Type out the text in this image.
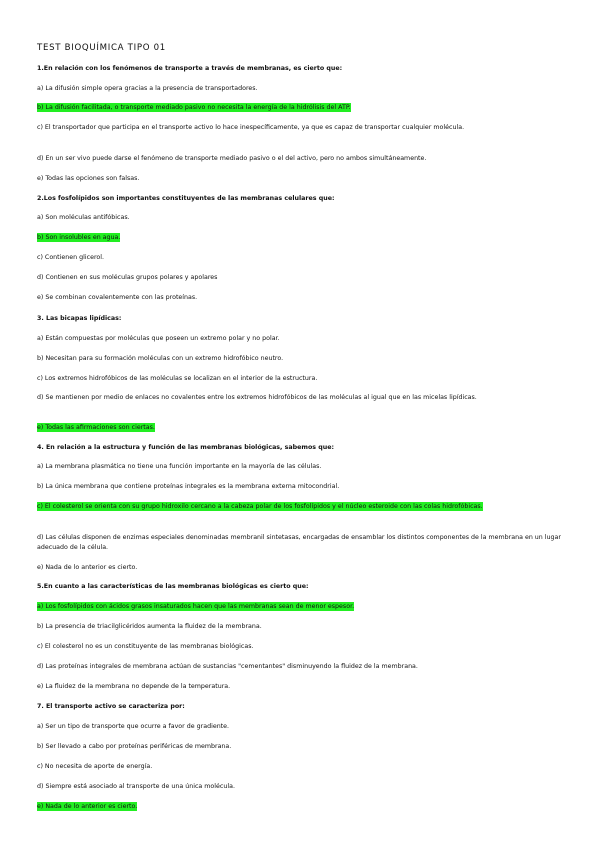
TEST BIOQUÍMICA TIPO 01
1.En relación con los fenómenos de transporte a través de membranas, es cierto que:
a) La difusión simple opera gracias a la presencia de transportadores.
b) La difusión facilitada, o transporte mediado pasivo no necesita la energía de la hidrólisis del ATP.
c) El transportador que participa en el transporte activo lo hace inespecíficamente, ya que es capaz de transportar cualquier molécula.
d) En un ser vivo puede darse el fenómeno de transporte mediado pasivo o el del activo, pero no ambos simultáneamente.
e) Todas las opciones son falsas.
2.Los fosfolípidos son importantes constituyentes de las membranas celulares que:
a) Son moléculas antifóbicas.
b) Son insolubles en agua.
c) Contienen glicerol.
d) Contienen en sus moléculas grupos polares y apolares
e) Se combinan covalentemente con las proteínas.
3. Las bicapas lipídicas:
a) Están compuestas por moléculas que poseen un extremo polar y no polar.
b) Necesitan para su formación moléculas con un extremo hidrofóbico neutro.
c) Los extremos hidrofóbicos de las moléculas se localizan en el interior de la estructura.
d) Se mantienen por medio de enlaces no covalentes entre los extremos hidrofóbicos de las moléculas al igual que en las micelas lipídicas.
e) Todas las afirmaciones son ciertas.
4. En relación a la estructura y función de las membranas biológicas, sabemos que:
a) La membrana plasmática no tiene una función importante en la mayoría de las células.
b) La única membrana que contiene proteínas integrales es la membrana externa mitocondrial.
c) El colesterol se orienta con su grupo hidroxilo cercano a la cabeza polar de los fosfolípidos y el núcleo esteroide con las colas hidrofóbicas.
d) Las células disponen de enzimas especiales denominadas membranil sintetasas, encargadas de ensamblar los distintos componentes de la membrana en un lugar adecuado de la célula.
e) Nada de lo anterior es cierto.
5.En cuanto a las características de las membranas biológicas es cierto que:
a) Los fosfolípidos con ácidos grasos insaturados hacen que las membranas sean de menor espesor.
b) La presencia de triacilglicéridos aumenta la fluidez de la membrana.
c) El colesterol no es un constituyente de las membranas biológicas.
d) Las proteínas integrales de membrana actúan de sustancias "cementantes" disminuyendo la fluidez de la membrana.
e) La fluidez de la membrana no depende de la temperatura.
7. El transporte activo se caracteriza por:
a) Ser un tipo de transporte que ocurre a favor de gradiente.
b) Ser llevado a cabo por proteínas periféricas de membrana.
c) No necesita de aporte de energía.
d) Siempre está asociado al transporte de una única molécula.
e) Nada de lo anterior es cierto.
